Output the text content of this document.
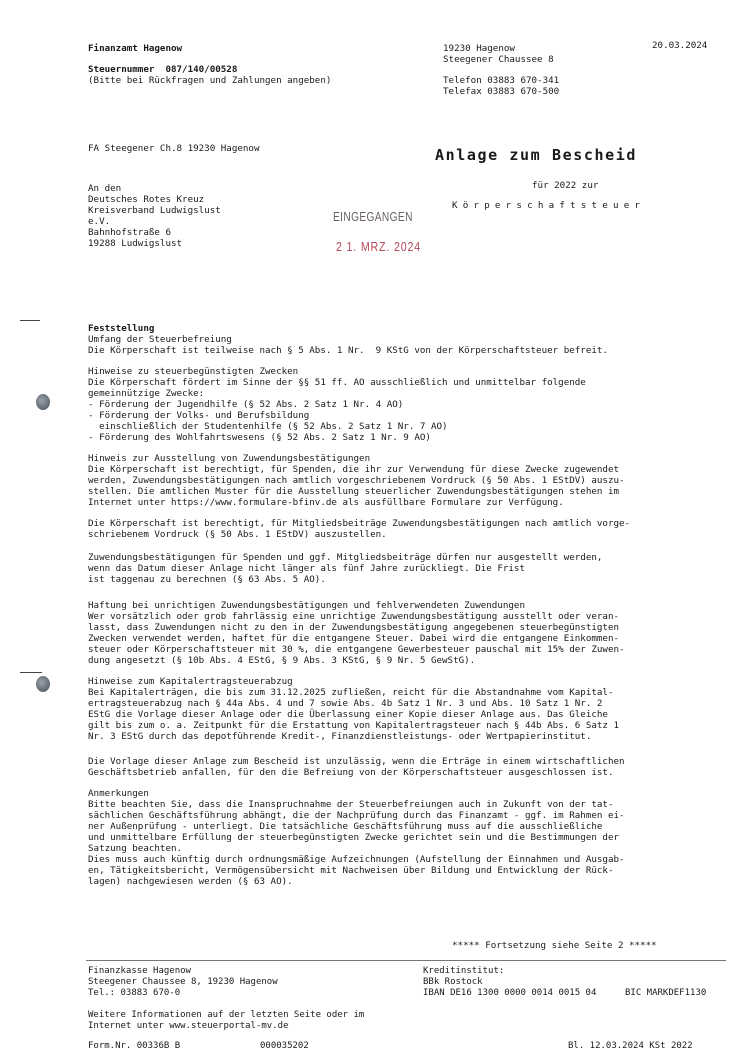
Finanzamt Hagenow
Steuernummer  087/140/00528
(Bitte bei Rückfragen und Zahlungen angeben)
19230 Hagenow
Steegener Chaussee 8
Telefon 03883 670-341
Telefax 03883 670-500
20.03.2024
FA Steegener Ch.8 19230 Hagenow	Anlage zum Bescheid
für 2022 zur
Körperschaftsteuer
An den
Deutsches Rotes Kreuz
Kreisverband Ludwigslust
e.V.
Bahnhofstraße 6
19288 Ludwigslust
EINGEGANGEN
2 1. MRZ. 2024
Feststellung
Umfang der Steuerbefreiung
Die Körperschaft ist teilweise nach § 5 Abs. 1 Nr.  9 KStG von der Körperschaftsteuer befreit.
Hinweise zu steuerbegünstigten Zwecken
Die Körperschaft fördert im Sinne der §§ 51 ff. AO ausschließlich und unmittelbar folgende
gemeinnützige Zwecke:
- Förderung der Jugendhilfe (§ 52 Abs. 2 Satz 1 Nr. 4 AO)
- Förderung der Volks- und Berufsbildung
einschließlich der Studentenhilfe (§ 52 Abs. 2 Satz 1 Nr. 7 AO)
- Förderung des Wohlfahrtswesens (§ 52 Abs. 2 Satz 1 Nr. 9 AO)
Hinweis zur Ausstellung von Zuwendungsbestätigungen
Die Körperschaft ist berechtigt, für Spenden, die ihr zur Verwendung für diese Zwecke zugewendet
werden, Zuwendungsbestätigungen nach amtlich vorgeschriebenem Vordruck (§ 50 Abs. 1 EStDV) auszu-
stellen. Die amtlichen Muster für die Ausstellung steuerlicher Zuwendungsbestätigungen stehen im
Internet unter https://www.formulare-bfinv.de als ausfüllbare Formulare zur Verfügung.
Die Körperschaft ist berechtigt, für Mitgliedsbeiträge Zuwendungsbestätigungen nach amtlich vorge-
schriebenem Vordruck (§ 50 Abs. 1 EStDV) auszustellen.
Zuwendungsbestätigungen für Spenden und ggf. Mitgliedsbeiträge dürfen nur ausgestellt werden,
wenn das Datum dieser Anlage nicht länger als fünf Jahre zurückliegt. Die Frist
ist taggenau zu berechnen (§ 63 Abs. 5 AO).
Haftung bei unrichtigen Zuwendungsbestätigungen und fehlverwendeten Zuwendungen
Wer vorsätzlich oder grob fahrlässig eine unrichtige Zuwendungsbestätigung ausstellt oder veran-
lasst, dass Zuwendungen nicht zu den in der Zuwendungsbestätigung angegebenen steuerbegünstigten
Zwecken verwendet werden, haftet für die entgangene Steuer. Dabei wird die entgangene Einkommen-
steuer oder Körperschaftsteuer mit 30 %, die entgangene Gewerbesteuer pauschal mit 15% der Zuwen-
dung angesetzt (§ 10b Abs. 4 EStG, § 9 Abs. 3 KStG, § 9 Nr. 5 GewStG).
Hinweise zum Kapitalertragsteuerabzug
Bei Kapitalerträgen, die bis zum 31.12.2025 zufließen, reicht für die Abstandnahme vom Kapital-
ertragsteuerabzug nach § 44a Abs. 4 und 7 sowie Abs. 4b Satz 1 Nr. 3 und Abs. 10 Satz 1 Nr. 2
EStG die Vorlage dieser Anlage oder die Überlassung einer Kopie dieser Anlage aus. Das Gleiche
gilt bis zum o. a. Zeitpunkt für die Erstattung von Kapitalertragsteuer nach § 44b Abs. 6 Satz 1
Nr. 3 EStG durch das depotführende Kredit-, Finanzdienstleistungs- oder Wertpapierinstitut.
Die Vorlage dieser Anlage zum Bescheid ist unzulässig, wenn die Erträge in einem wirtschaftlichen
Geschäftsbetrieb anfallen, für den die Befreiung von der Körperschaftsteuer ausgeschlossen ist.
Anmerkungen
Bitte beachten Sie, dass die Inanspruchnahme der Steuerbefreiungen auch in Zukunft von der tat-
sächlichen Geschäftsführung abhängt, die der Nachprüfung durch das Finanzamt - ggf. im Rahmen ei-
ner Außenprüfung - unterliegt. Die tatsächliche Geschäftsführung muss auf die ausschließliche
und unmittelbare Erfüllung der steuerbegünstigten Zwecke gerichtet sein und die Bestimmungen der
Satzung beachten.
Dies muss auch künftig durch ordnungsmäßige Aufzeichnungen (Aufstellung der Einnahmen und Ausgab-
en, Tätigkeitsbericht, Vermögensübersicht mit Nachweisen über Bildung und Entwicklung der Rück-
lagen) nachgewiesen werden (§ 63 AO).
***** Fortsetzung siehe Seite 2 *****
Finanzkasse Hagenow
Steegener Chaussee 8, 19230 Hagenow
Tel.: 03883 670-0
Kreditinstitut:
BBk Rostock
IBAN DE16 1300 0000 0014 0015 04	BIC MARKDEF1130
Weitere Informationen auf der letzten Seite oder im
Internet unter www.steuerportal-mv.de
Form.Nr. 00336B B	000035202	Bl. 12.03.2024 KSt 2022
